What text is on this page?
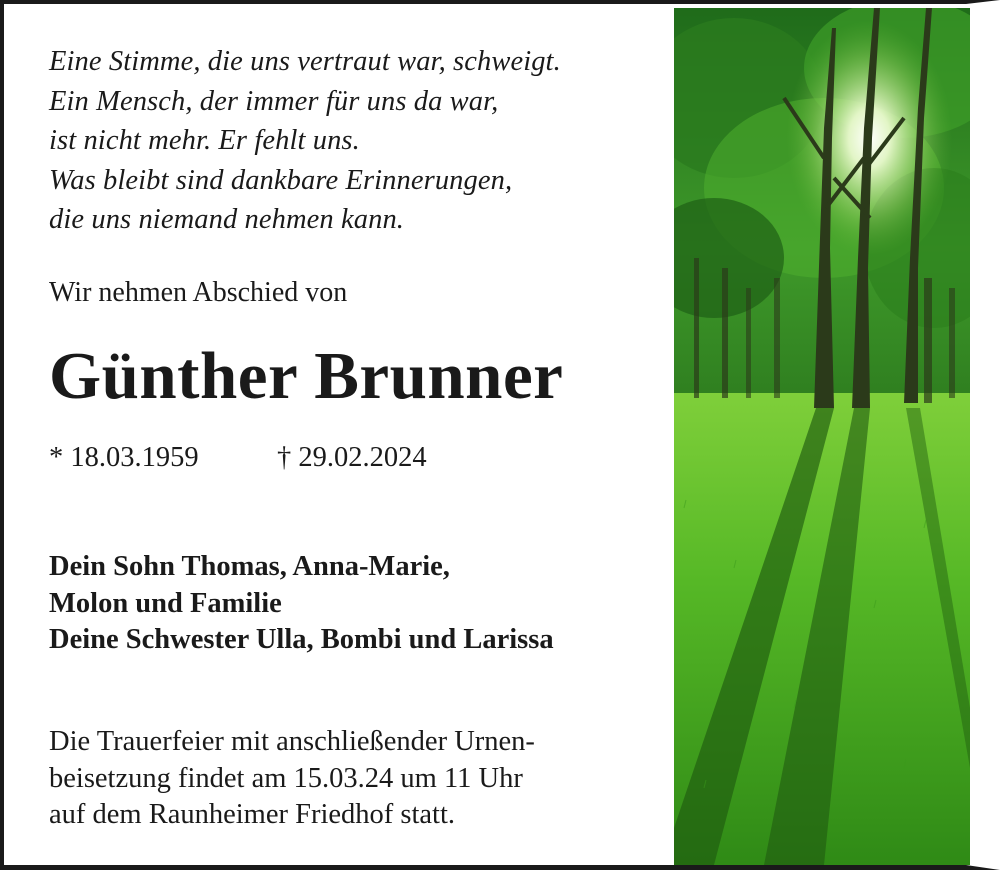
Eine Stimme, die uns vertraut war, schweigt.
Ein Mensch, der immer für uns da war,
ist nicht mehr. Er fehlt uns.
Was bleibt sind dankbare Erinnerungen,
die uns niemand nehmen kann.
Wir nehmen Abschied von
Günther Brunner
* 18.03.1959	† 29.02.2024
Dein Sohn Thomas, Anna-Marie,
Molon und Familie
Deine Schwester Ulla, Bombi und Larissa
Die Trauerfeier mit anschließender Urnen-
beisetzung findet am 15.03.24 um 11 Uhr
auf dem Raunheimer Friedhof statt.
